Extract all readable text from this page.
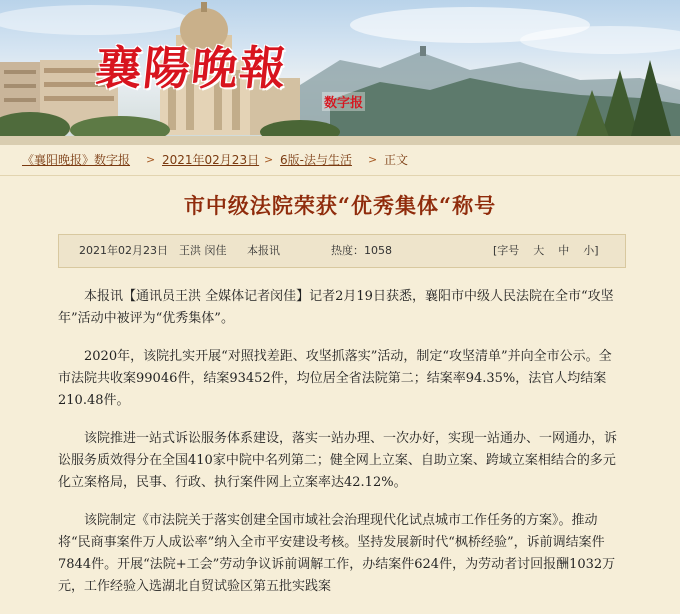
襄陽晚報
数字报
《襄阳晚报》数字报 > 2021年02月23日 > 6版-法与生活 > 正文
市中级法院荣获“优秀集体“称号
2021年02月23日 王洪 闵佳 本报讯	热度：1058	[字号 大 中 小]

本报讯【通讯员王洪 全媒体记者闵佳】记者2月19日获悉，襄阳市中级人民法院在全市“攻坚年”活动中被评为“优秀集体”。

2020年，该院扎实开展“对照找差距、攻坚抓落实”活动，制定“攻坚清单”并向全市公示。全市法院共收案99046件，结案93452件，均位居全省法院第二；结案率94.35%，法官人均结案210.48件。

该院推进一站式诉讼服务体系建设，落实一站办理、一次办好，实现一站通办、一网通办，诉讼服务质效得分在全国410家中院中名列第二；健全网上立案、自助立案、跨域立案相结合的多元化立案格局，民事、行政、执行案件网上立案率达42.12%。

该院制定《市法院关于落实创建全国市域社会治理现代化试点城市工作任务的方案》。推动将“民商事案件万人成讼率”纳入全市平安建设考核。坚持发展新时代“枫桥经验”，诉前调结案件7844件。开展“法院+工会”劳动争议诉前调解工作，办结案件624件，为劳动者讨回报酬1032万元，工作经验入选湖北自贸试验区第五批实践案
